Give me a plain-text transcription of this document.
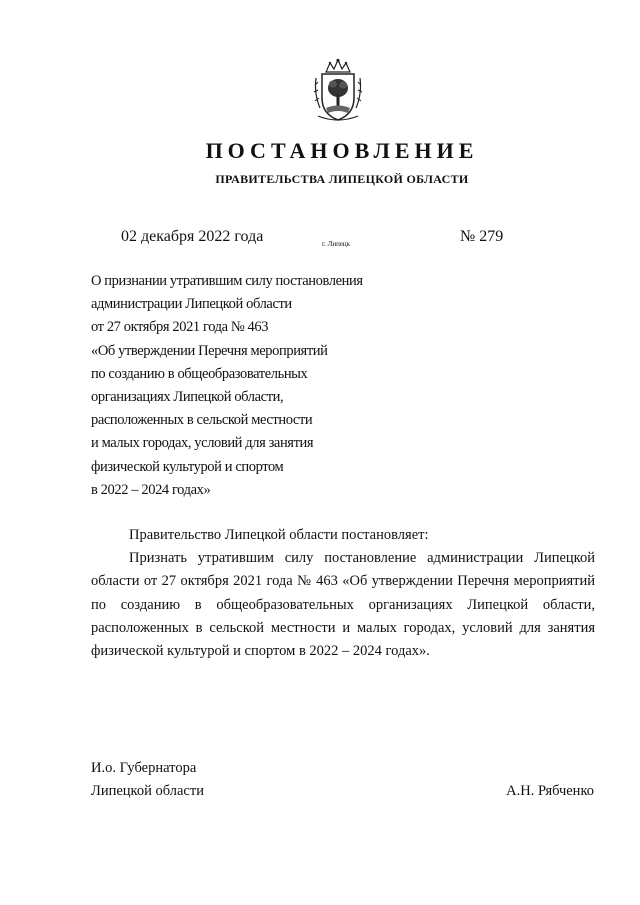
ПОСТАНОВЛЕНИЕ
ПРАВИТЕЛЬСТВА ЛИПЕЦКОЙ ОБЛАСТИ
02 декабря 2022 года	г. Липецк	№ 279
О признании утратившим силу постановления
администрации Липецкой области
от 27 октября 2021 года № 463
«Об утверждении Перечня мероприятий
по созданию в общеобразовательных
организациях Липецкой области,
расположенных в сельской местности
и малых городах, условий для занятия
физической культурой и спортом
в 2022 – 2024 годах»

Правительство Липецкой области постановляет:

Признать утратившим силу постановление администрации Липецкой области от 27 октября 2021 года № 463 «Об утверждении Перечня мероприятий по созданию в общеобразовательных организациях Липецкой области, расположенных в сельской местности и малых городах, условий для занятия физической культурой и спортом в 2022 – 2024 годах».

И.о. Губернатора
Липецкой области	А.Н. Рябченко
